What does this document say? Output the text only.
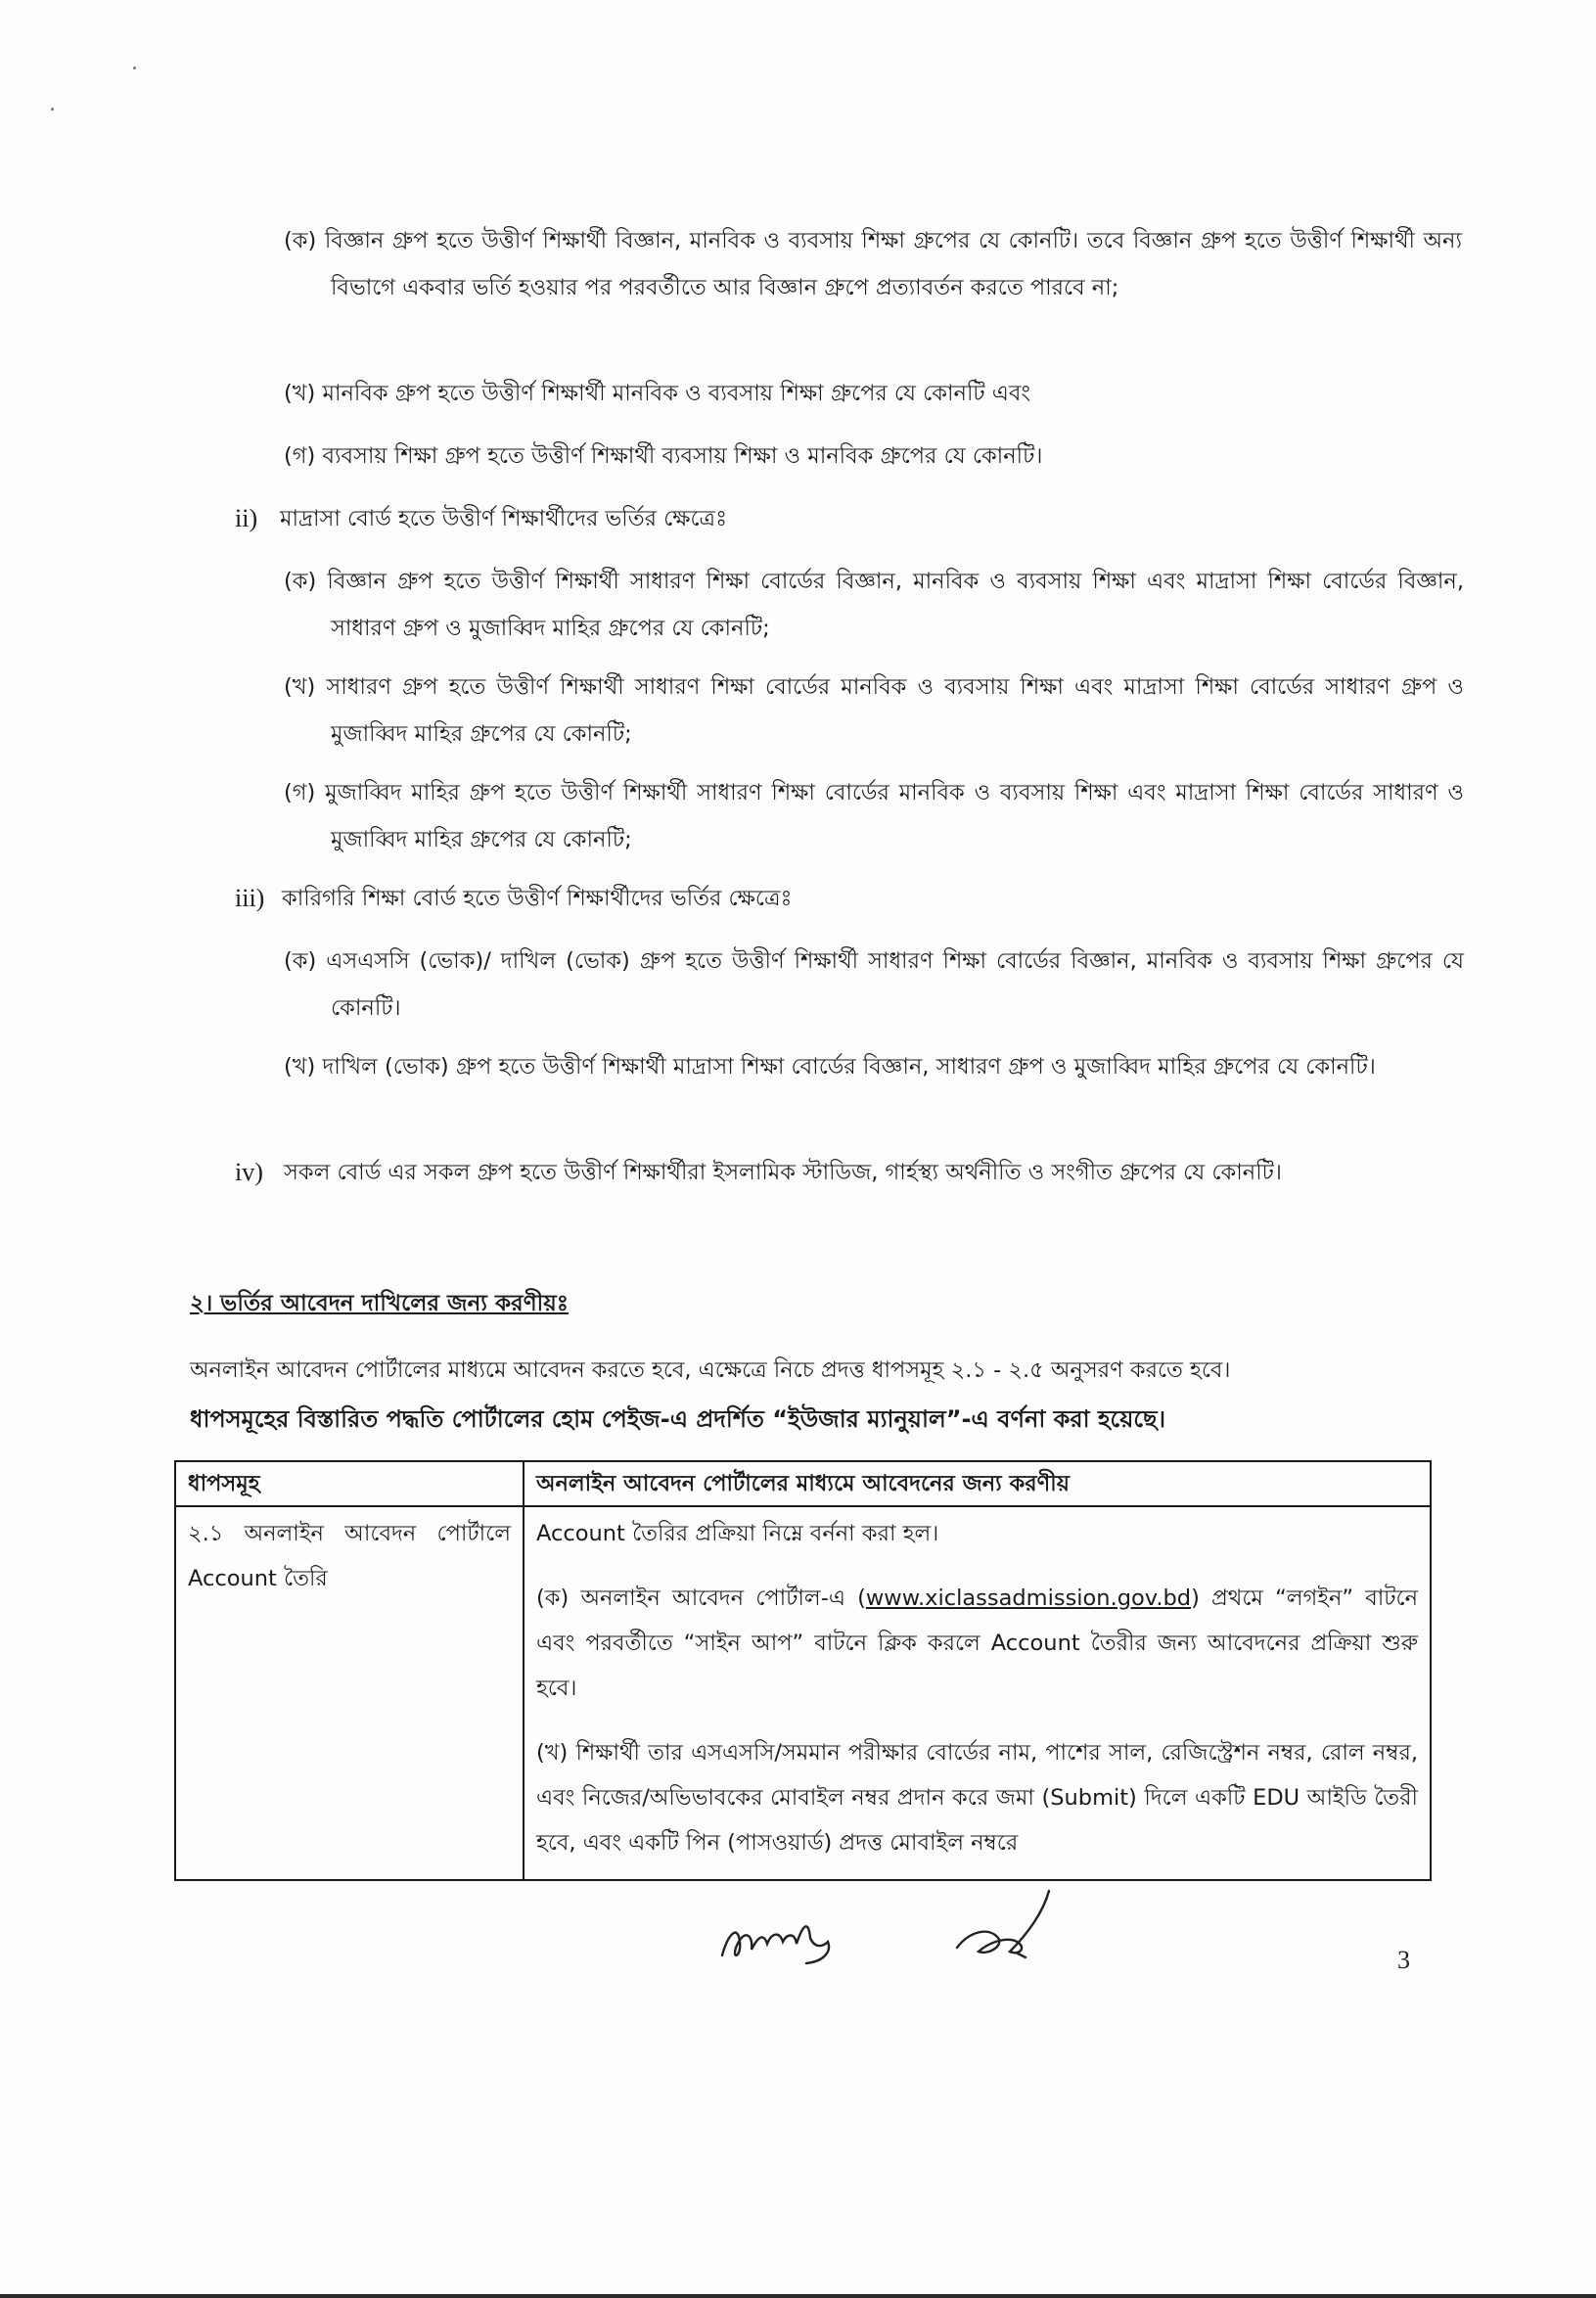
(ক) বিজ্ঞান গ্রুপ হতে উত্তীর্ণ শিক্ষার্থী বিজ্ঞান, মানবিক ও ব্যবসায় শিক্ষা গ্রুপের যে কোনটি। তবে বিজ্ঞান গ্রুপ হতে উত্তীর্ণ শিক্ষার্থী অন্য বিভাগে একবার ভর্তি হওয়ার পর পরবর্তীতে আর বিজ্ঞান গ্রুপে প্রত্যাবর্তন করতে পারবে না;

(খ) মানবিক গ্রুপ হতে উত্তীর্ণ শিক্ষার্থী মানবিক ও ব্যবসায় শিক্ষা গ্রুপের যে কোনটি এবং

(গ) ব্যবসায় শিক্ষা গ্রুপ হতে উত্তীর্ণ শিক্ষার্থী ব্যবসায় শিক্ষা ও মানবিক গ্রুপের যে কোনটি।

ii) মাদ্রাসা বোর্ড হতে উত্তীর্ণ শিক্ষার্থীদের ভর্তির ক্ষেত্রেঃ

(ক) বিজ্ঞান গ্রুপ হতে উত্তীর্ণ শিক্ষার্থী সাধারণ শিক্ষা বোর্ডের বিজ্ঞান, মানবিক ও ব্যবসায় শিক্ষা এবং মাদ্রাসা শিক্ষা বোর্ডের বিজ্ঞান, সাধারণ গ্রুপ ও মুজাব্বিদ মাহির গ্রুপের যে কোনটি;

(খ) সাধারণ গ্রুপ হতে উত্তীর্ণ শিক্ষার্থী সাধারণ শিক্ষা বোর্ডের মানবিক ও ব্যবসায় শিক্ষা এবং মাদ্রাসা শিক্ষা বোর্ডের সাধারণ গ্রুপ ও মুজাব্বিদ মাহির গ্রুপের যে কোনটি;

(গ) মুজাব্বিদ মাহির গ্রুপ হতে উত্তীর্ণ শিক্ষার্থী সাধারণ শিক্ষা বোর্ডের মানবিক ও ব্যবসায় শিক্ষা এবং মাদ্রাসা শিক্ষা বোর্ডের সাধারণ ও মুজাব্বিদ মাহির গ্রুপের যে কোনটি;

iii) কারিগরি শিক্ষা বোর্ড হতে উত্তীর্ণ শিক্ষার্থীদের ভর্তির ক্ষেত্রেঃ

(ক) এসএসসি (ভোক)/ দাখিল (ভোক) গ্রুপ হতে উত্তীর্ণ শিক্ষার্থী সাধারণ শিক্ষা বোর্ডের বিজ্ঞান, মানবিক ও ব্যবসায় শিক্ষা গ্রুপের যে কোনটি।

(খ) দাখিল (ভোক) গ্রুপ হতে উত্তীর্ণ শিক্ষার্থী মাদ্রাসা শিক্ষা বোর্ডের বিজ্ঞান, সাধারণ গ্রুপ ও মুজাব্বিদ মাহির গ্রুপের যে কোনটি।

iv) সকল বোর্ড এর সকল গ্রুপ হতে উত্তীর্ণ শিক্ষার্থীরা ইসলামিক স্টাডিজ, গার্হস্থ্য অর্থনীতি ও সংগীত গ্রুপের যে কোনটি।

২। ভর্তির আবেদন দাখিলের জন্য করণীয়ঃ

অনলাইন আবেদন পোর্টালের মাধ্যমে আবেদন করতে হবে, এক্ষেত্রে নিচে প্রদত্ত ধাপসমূহ ২.১ - ২.৫ অনুসরণ করতে হবে।

ধাপসমূহের বিস্তারিত পদ্ধতি পোর্টালের হোম পেইজ-এ প্রদর্শিত “ইউজার ম্যানুয়াল”-এ বর্ণনা করা হয়েছে।

ধাপসমূহ	অনলাইন আবেদন পোর্টালের মাধ্যমে আবেদনের জন্য করণীয়
২.১ অনলাইন আবেদন পোর্টালে Account তৈরি	Account তৈরির প্রক্রিয়া নিম্নে বর্ননা করা হল।

(ক) অনলাইন আবেদন পোর্টাল-এ (www.xiclassadmission.gov.bd) প্রথমে “লগইন” বাটনে এবং পরবর্তীতে “সাইন আপ” বাটনে ক্লিক করলে Account তৈরীর জন্য আবেদনের প্রক্রিয়া শুরু হবে।

(খ) শিক্ষার্থী তার এসএসসি/সমমান পরীক্ষার বোর্ডের নাম, পাশের সাল, রেজিস্ট্রেশন নম্বর, রোল নম্বর, এবং নিজের/অভিভাবকের মোবাইল নম্বর প্রদান করে জমা (Submit) দিলে একটি EDU আইডি তৈরী হবে, এবং একটি পিন (পাসওয়ার্ড) প্রদত্ত মোবাইল নম্বরে

3
